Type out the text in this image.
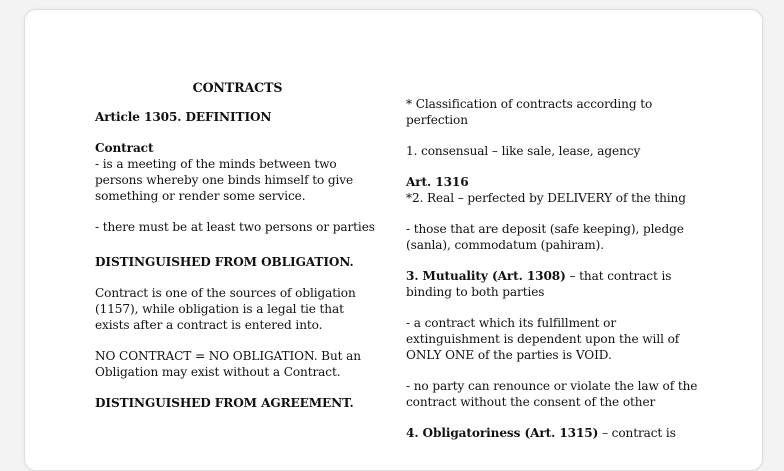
CONTRACTS

Article 1305. DEFINITION

Contract

- is a meeting of the minds between two persons whereby one binds himself to give something or render some service.

- there must be at least two persons or parties

DISTINGUISHED FROM OBLIGATION.

Contract is one of the sources of obligation (1157), while obligation is a legal tie that exists after a contract is entered into.

NO CONTRACT = NO OBLIGATION. But an Obligation may exist without a Contract.

DISTINGUISHED FROM AGREEMENT.

* Classification of contracts according to perfection

1. consensual – like sale, lease, agency

Art. 1316

*2. Real – perfected by DELIVERY of the thing

- those that are deposit (safe keeping), pledge (sanla), commodatum (pahiram).

3. Mutuality (Art. 1308) – that contract is binding to both parties

- a contract which its fulfillment or extinguishment is dependent upon the will of ONLY ONE of the parties is VOID.

- no party can renounce or violate the law of the contract without the consent of the other

4. Obligatoriness (Art. 1315) – contract is
